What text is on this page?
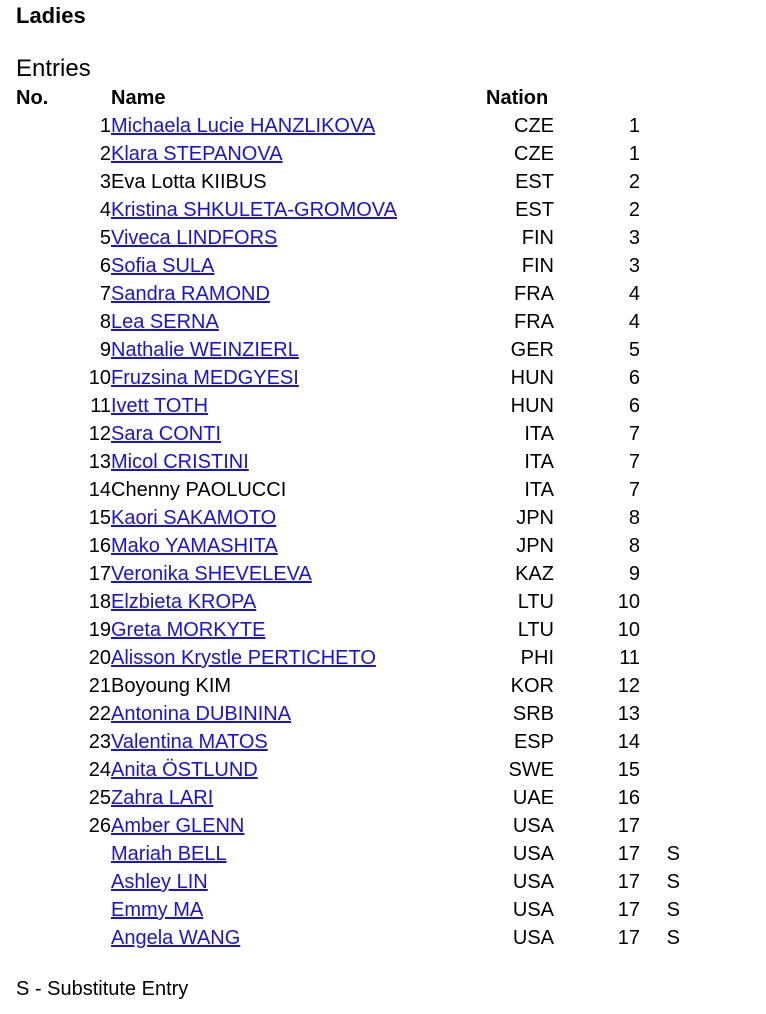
Ladies
Entries
No.	Name	Nation		
1	Michaela Lucie HANZLIKOVA	CZE	1	
2	Klara STEPANOVA	CZE	1	
3	Eva Lotta KIIBUS	EST	2	
4	Kristina SHKULETA-GROMOVA	EST	2	
5	Viveca LINDFORS	FIN	3	
6	Sofia SULA	FIN	3	
7	Sandra RAMOND	FRA	4	
8	Lea SERNA	FRA	4	
9	Nathalie WEINZIERL	GER	5	
10	Fruzsina MEDGYESI	HUN	6	
11	Ivett TOTH	HUN	6	
12	Sara CONTI	ITA	7	
13	Micol CRISTINI	ITA	7	
14	Chenny PAOLUCCI	ITA	7	
15	Kaori SAKAMOTO	JPN	8	
16	Mako YAMASHITA	JPN	8	
17	Veronika SHEVELEVA	KAZ	9	
18	Elzbieta KROPA	LTU	10	
19	Greta MORKYTE	LTU	10	
20	Alisson Krystle PERTICHETO	PHI	11	
21	Boyoung KIM	KOR	12	
22	Antonina DUBININA	SRB	13	
23	Valentina MATOS	ESP	14	
24	Anita ÖSTLUND	SWE	15	
25	Zahra LARI	UAE	16	
26	Amber GLENN	USA	17	
	Mariah BELL	USA	17	S
	Ashley LIN	USA	17	S
	Emmy MA	USA	17	S
	Angela WANG	USA	17	S
S - Substitute Entry
